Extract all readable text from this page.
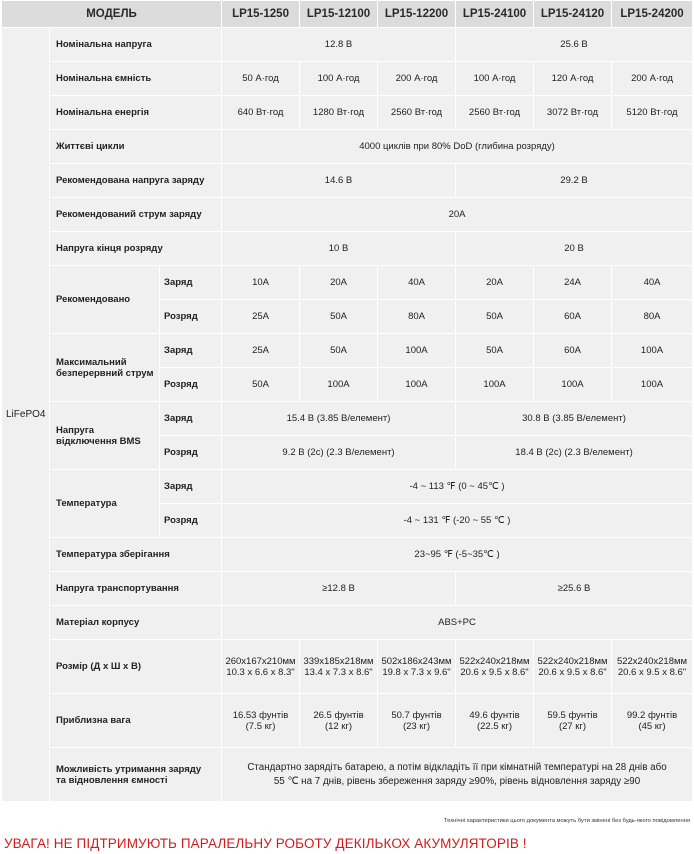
МОДЕЛЬ			LP15-1250	LP15-12100	LP15-12200	LP15-24100	LP15-24120	LP15-24200
LiFePO4	Номінальна напруга		12.8 В			25.6 В		
	Номінальна ємність		50 А·год	100 А·год	200 А·год	100 А·год	120 А·год	200 А·год
	Номінальна енергія		640 Вт·год	1280 Вт·год	2560 Вт·год	2560 Вт·год	3072 Вт·год	5120 Вт·год
	Життєві цикли		4000 циклів при 80% DoD (глибина розряду)					
	Рекомендована напруга заряду		14.6 В			29.2 В		
	Рекомендований струм заряду		20A					
	Напруга кінця розряду		10 В			20 В		
	Рекомендовано	Заряд	10A	20A	40A	20A	24A	40A
		Розряд	25A	50A	80A	50A	60A	80A
	Максимальний безперервний струм	Заряд	25A	50A	100A	50A	60A	100A
		Розряд	50A	100A	100A	100A	100A	100A

	Напруга
відключення BMS	Заряд	15.4 В (3.85 В/елемент)			30.8 В (3.85 В/елемент)		
		Розряд	9.2 В (2с) (2.3 В/елемент)			18.4 В (2с) (2.3 В/елемент)		
	Температура	Заряд	-4 ~ 113 ℉ (0 ~ 45℃ )					
		Розряд	-4 ~ 131 ℉ (-20 ~ 55 ℃ )					
	Температура зберігання		23~95 ℉ (-5~35℃ )					
	Напруга транспортування		≥12.8 В			≥25.6 В		
	Матеріал корпусу		ABS+PC					
	Розмір (Д х Ш х В)		260x167x210мм
10.3 x 6.6 x 8.3"	339x185x218мм
13.4 x 7.3 x 8.6"	502x186x243мм
19.8 x 7.3 x 9.6"	522x240x218мм
20.6 x 9.5 x 8.6"	522x240x218мм
20.6 x 9.5 x 8.6"	522x240x218мм
20.6 x 9.5 x 8.6"

	Приблизна вага		16.53 фунтів
(7.5 кг)	26.5 фунтів
(12 кг)	50.7 фунтів
(23 кг)	49.6 фунтів
(22.5 кг)	59.5 фунтів
(27 кг)	99.2 фунтів
(45 кг)

	Можливість утримання заряду
та відновлення ємності		Стандартно зарядіть батарею, а потім відкладіть її при кімнатній температурі на 28 днів або
55 ℃ на 7 днів, рівень збереження заряду ≥90%, рівень відновлення заряду ≥90					
Технічні характеристики цього документа можуть бути змінені без будь-якого повідомлення
УВАГА! НЕ ПІДТРИМУЮТЬ ПАРАЛЕЛЬНУ РОБОТУ ДЕКІЛЬКОХ АКУМУЛЯТОРІВ !
